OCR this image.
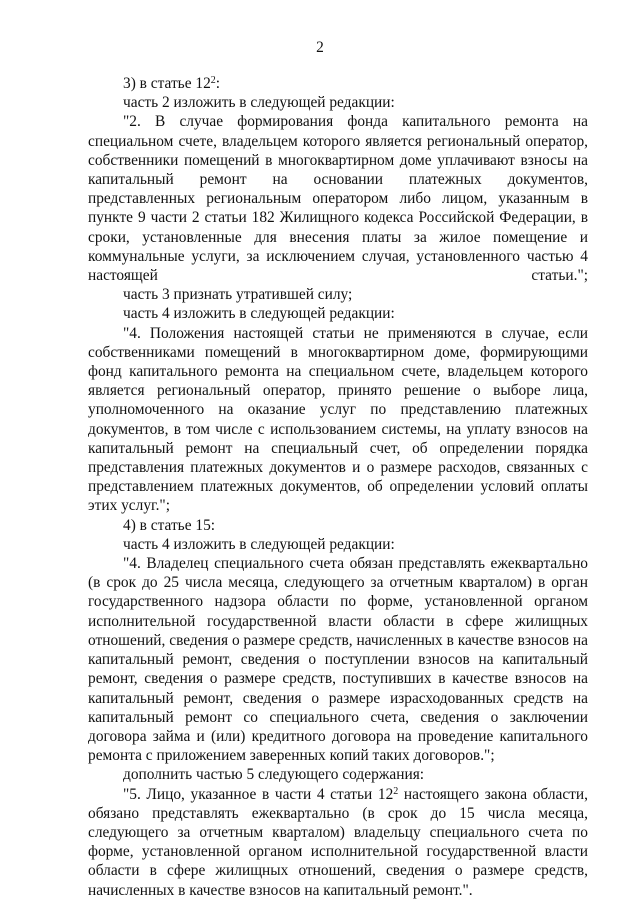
2

3) в статье $12^2$:

часть 2 изложить в следующей редакции:

"2. В случае формирования фонда капитального ремонта на специальном счете, владельцем которого является региональный оператор, собственники помещений в многоквартирном доме уплачивают взносы на капитальный ремонт на основании платежных документов, представленных региональным оператором либо лицом, указанным в пункте 9 части 2 статьи 182 Жилищного кодекса Российской Федерации, в сроки, установленные для внесения платы за жилое помещение и коммунальные услуги, за исключением случая, установленного частью 4 настоящей статьи.";

часть 3 признать утратившей силу;

часть 4 изложить в следующей редакции:

"4. Положения настоящей статьи не применяются в случае, если собственниками помещений в многоквартирном доме, формирующими фонд капитального ремонта на специальном счете, владельцем которого является региональный оператор, принято решение о выборе лица, уполномоченного на оказание услуг по представлению платежных документов, в том числе с использованием системы, на уплату взносов на капитальный ремонт на специальный счет, об определении порядка представления платежных документов и о размере расходов, связанных с представлением платежных документов, об определении условий оплаты этих услуг.";

4) в статье 15:

часть 4 изложить в следующей редакции:

"4. Владелец специального счета обязан представлять ежеквартально (в срок до 25 числа месяца, следующего за отчетным кварталом) в орган государственного надзора области по форме, установленной органом исполнительной государственной власти области в сфере жилищных отношений, сведения о размере средств, начисленных в качестве взносов на капитальный ремонт, сведения о поступлении взносов на капитальный ремонт, сведения о размере средств, поступивших в качестве взносов на капитальный ремонт, сведения о размере израсходованных средств на капитальный ремонт со специального счета, сведения о заключении договора займа и (или) кредитного договора на проведение капитального ремонта с приложением заверенных копий таких договоров.";

дополнить частью 5 следующего содержания:

"5. Лицо, указанное в части 4 статьи $12^2$ настоящего закона области, обязано представлять ежеквартально (в срок до 15 числа месяца, следующего за отчетным кварталом) владельцу специального счета по форме, установленной органом исполнительной государственной власти области в сфере жилищных отношений, сведения о размере средств, начисленных в качестве взносов на капитальный ремонт.".
